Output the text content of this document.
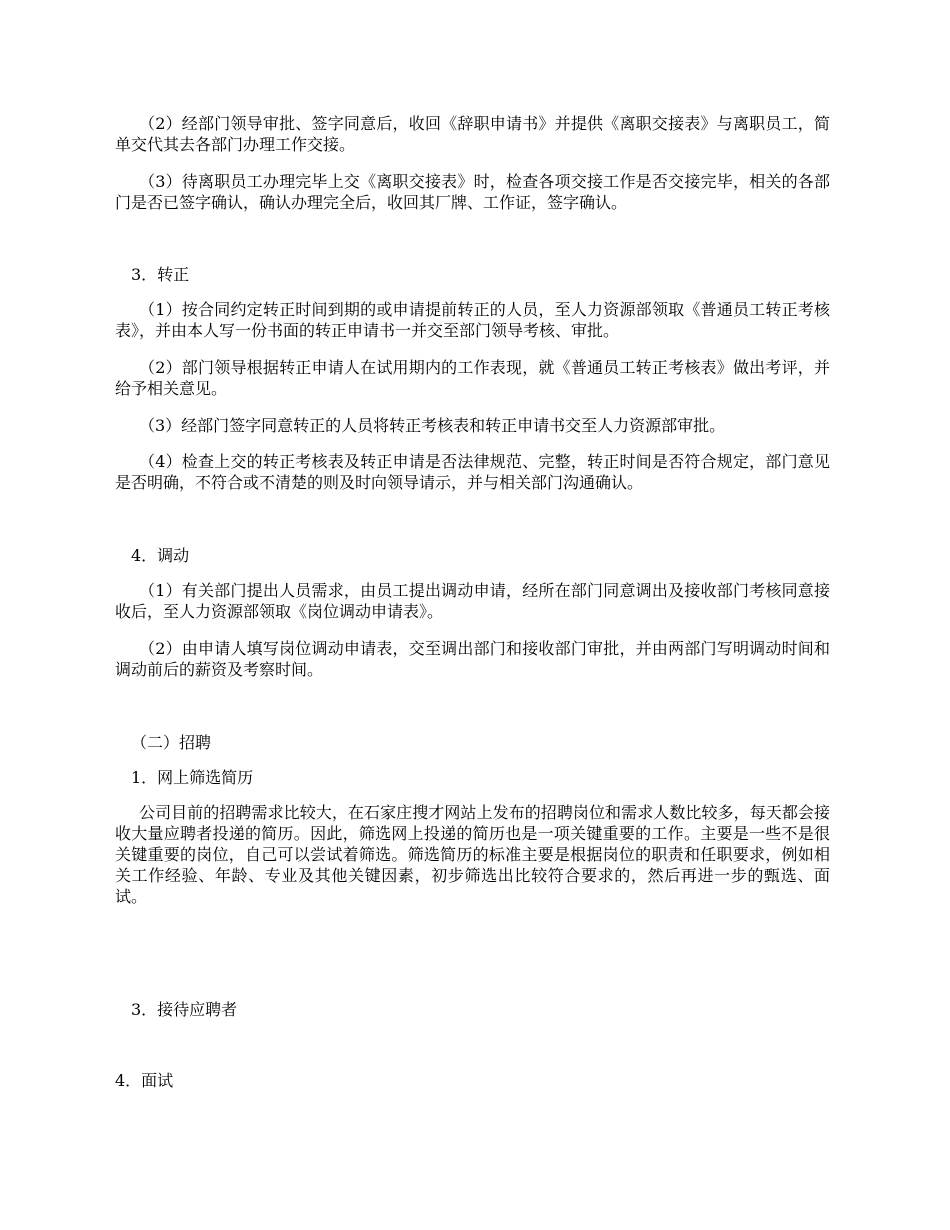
（2）经部门领导审批、签字同意后，收回《辞职申请书》并提供《离职交接表》与离职员工，简单交代其去各部门办理工作交接。

（3）待离职员工办理完毕上交《离职交接表》时，检查各项交接工作是否交接完毕，相关的各部门是否已签字确认，确认办理完全后，收回其厂牌、工作证，签字确认。

3．转正

（1）按合同约定转正时间到期的或申请提前转正的人员，至人力资源部领取《普通员工转正考核表》，并由本人写一份书面的转正申请书一并交至部门领导考核、审批。

（2）部门领导根据转正申请人在试用期内的工作表现，就《普通员工转正考核表》做出考评，并给予相关意见。

（3）经部门签字同意转正的人员将转正考核表和转正申请书交至人力资源部审批。

（4）检查上交的转正考核表及转正申请是否法律规范、完整，转正时间是否符合规定，部门意见是否明确，不符合或不清楚的则及时向领导请示，并与相关部门沟通确认。

4．调动

（1）有关部门提出人员需求，由员工提出调动申请，经所在部门同意调出及接收部门考核同意接收后，至人力资源部领取《岗位调动申请表》。

（2）由申请人填写岗位调动申请表，交至调出部门和接收部门审批，并由两部门写明调动时间和调动前后的薪资及考察时间。

（二）招聘

1．网上筛选简历

公司目前的招聘需求比较大，在石家庄搜才网站上发布的招聘岗位和需求人数比较多，每天都会接收大量应聘者投递的简历。因此，筛选网上投递的简历也是一项关键重要的工作。主要是一些不是很关键重要的岗位，自己可以尝试着筛选。筛选简历的标准主要是根据岗位的职责和任职要求，例如相关工作经验、年龄、专业及其他关键因素，初步筛选出比较符合要求的，然后再进一步的甄选、面试。

3．接待应聘者

4．面试
